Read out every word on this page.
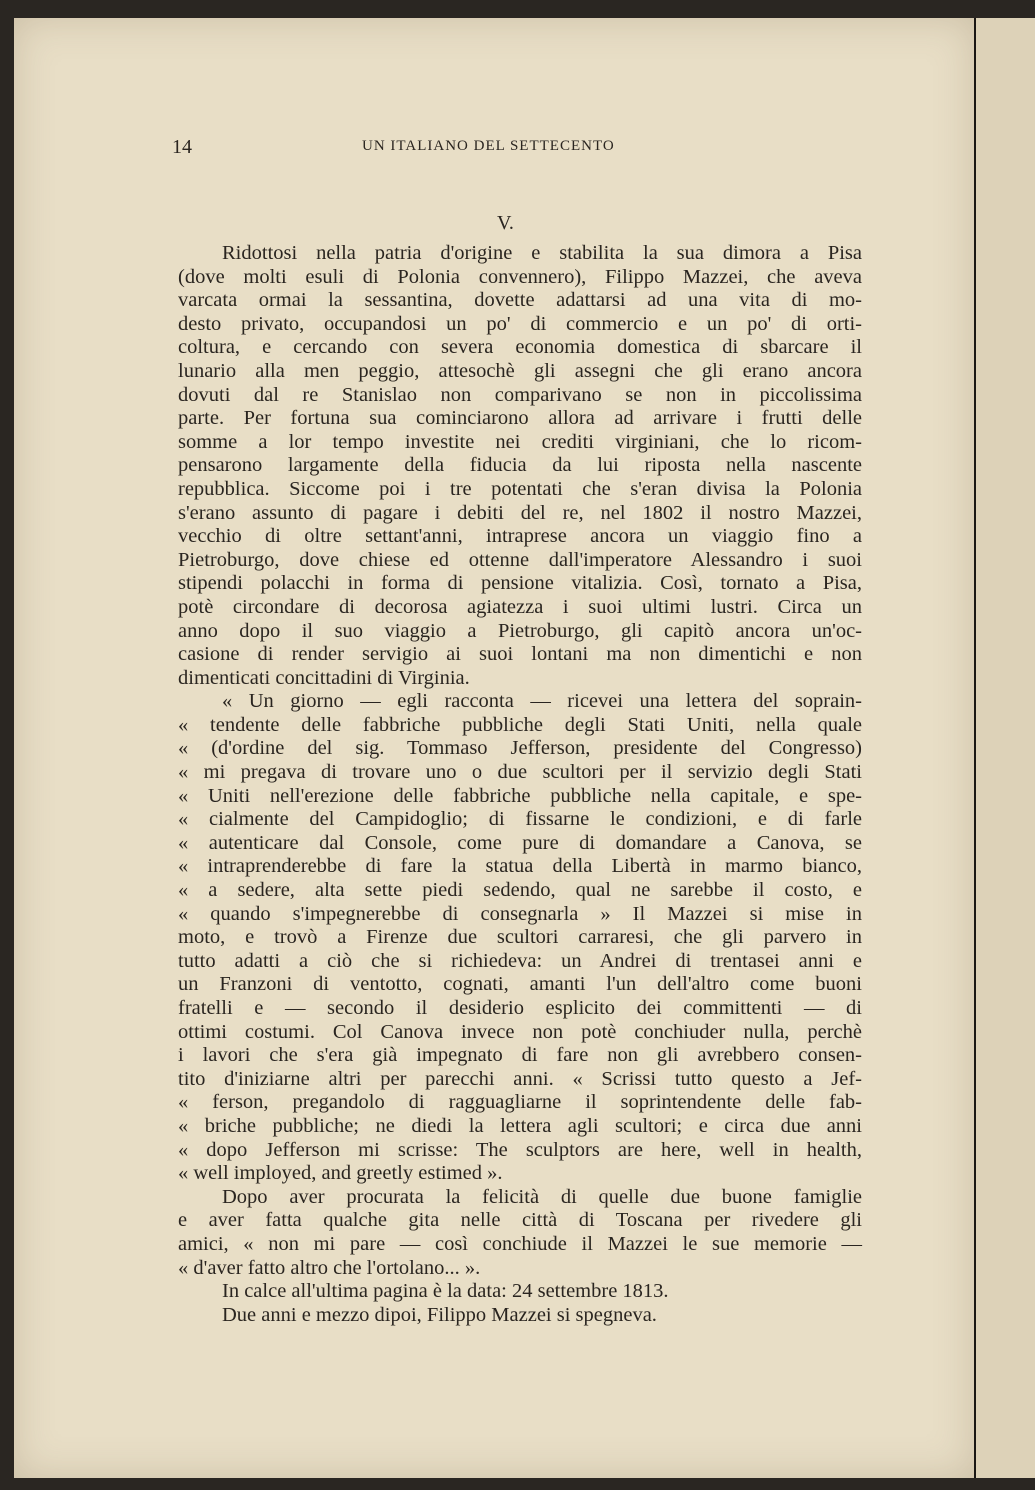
14	UN ITALIANO DEL SETTECENTO
V.
Ridottosi nella patria d'origine e stabilita la sua dimora a Pisa
(dove molti esuli di Polonia convennero), Filippo Mazzei, che aveva
varcata ormai la sessantina, dovette adattarsi ad una vita di mo-
desto privato, occupandosi un po' di commercio e un po' di orti-
coltura, e cercando con severa economia domestica di sbarcare il
lunario alla men peggio, attesochè gli assegni che gli erano ancora
dovuti dal re Stanislao non comparivano se non in piccolissima
parte. Per fortuna sua cominciarono allora ad arrivare i frutti delle
somme a lor tempo investite nei crediti virginiani, che lo ricom-
pensarono largamente della fiducia da lui riposta nella nascente
repubblica. Siccome poi i tre potentati che s'eran divisa la Polonia
s'erano assunto di pagare i debiti del re, nel 1802 il nostro Mazzei,
vecchio di oltre settant'anni, intraprese ancora un viaggio fino a
Pietroburgo, dove chiese ed ottenne dall'imperatore Alessandro i suoi
stipendi polacchi in forma di pensione vitalizia. Così, tornato a Pisa,
potè circondare di decorosa agiatezza i suoi ultimi lustri. Circa un
anno dopo il suo viaggio a Pietroburgo, gli capitò ancora un'oc-
casione di render servigio ai suoi lontani ma non dimentichi e non
dimenticati concittadini di Virginia.
« Un giorno — egli racconta — ricevei una lettera del soprain-
« tendente delle fabbriche pubbliche degli Stati Uniti, nella quale
« (d'ordine del sig. Tommaso Jefferson, presidente del Congresso)
« mi pregava di trovare uno o due scultori per il servizio degli Stati
« Uniti nell'erezione delle fabbriche pubbliche nella capitale, e spe-
« cialmente del Campidoglio; di fissarne le condizioni, e di farle
« autenticare dal Console, come pure di domandare a Canova, se
« intraprenderebbe di fare la statua della Libertà in marmo bianco,
« a sedere, alta sette piedi sedendo, qual ne sarebbe il costo, e
« quando s'impegnerebbe di consegnarla » Il Mazzei si mise in
moto, e trovò a Firenze due scultori carraresi, che gli parvero in
tutto adatti a ciò che si richiedeva: un Andrei di trentasei anni e
un Franzoni di ventotto, cognati, amanti l'un dell'altro come buoni
fratelli e — secondo il desiderio esplicito dei committenti — di
ottimi costumi. Col Canova invece non potè conchiuder nulla, perchè
i lavori che s'era già impegnato di fare non gli avrebbero consen-
tito d'iniziarne altri per parecchi anni. « Scrissi tutto questo a Jef-
« ferson, pregandolo di ragguagliarne il soprintendente delle fab-
« briche pubbliche; ne diedi la lettera agli scultori; e circa due anni
« dopo Jefferson mi scrisse: The sculptors are here, well in health,
« well imployed, and greetly estimed ».
Dopo aver procurata la felicità di quelle due buone famiglie
e aver fatta qualche gita nelle città di Toscana per rivedere gli
amici, « non mi pare — così conchiude il Mazzei le sue memorie —
« d'aver fatto altro che l'ortolano... ».
In calce all'ultima pagina è la data: 24 settembre 1813.
Due anni e mezzo dipoi, Filippo Mazzei si spegneva.
